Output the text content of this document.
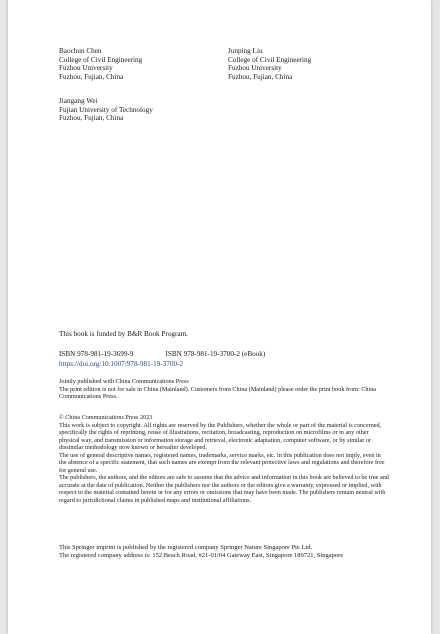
Baochun Chen
College of Civil Engineering
Fuzhou University
Fuzhou, Fujian, China
Junping Liu
College of Civil Engineering
Fuzhou University
Fuzhou, Fujian, China
Jiangang Wei
Fujian University of Technology
Fuzhou, Fujian, China
This book is funded by B&R Book Program.
ISBN 978-981-19-3699-9	ISBN 978-981-19-3700-2 (eBook)
https://doi.org/10.1007/978-981-19-3700-2

Jointly published with China Communications Press

The print edition is not for sale in China (Mainland). Customers from China (Mainland) please order the print book from: China Communications Press.

© China Communications Press 2023

This work is subject to copyright. All rights are reserved by the Publishers, whether the whole or part of the material is concerned, specifically the rights of reprinting, reuse of illustrations, recitation, broadcasting, reproduction on microfilms or in any other physical way, and transmission or information storage and retrieval, electronic adaptation, computer software, or by similar or dissimilar methodology now known or hereafter developed.

The use of general descriptive names, registered names, trademarks, service marks, etc. in this publication does not imply, even in the absence of a specific statement, that such names are exempt from the relevant protective laws and regulations and therefore free for general use.

The publishers, the authors, and the editors are safe to assume that the advice and information in this book are believed to be true and accurate at the date of publication. Neither the publishers nor the authors or the editors give a warranty, expressed or implied, with respect to the material contained herein or for any errors or omissions that may have been made. The publishers remain neutral with regard to jurisdictional claims in published maps and institutional affiliations.

This Springer imprint is published by the registered company Springer Nature Singapore Pte Ltd.

The registered company address is: 152 Beach Road, #21-01/04 Gateway East, Singapore 189721, Singapore
